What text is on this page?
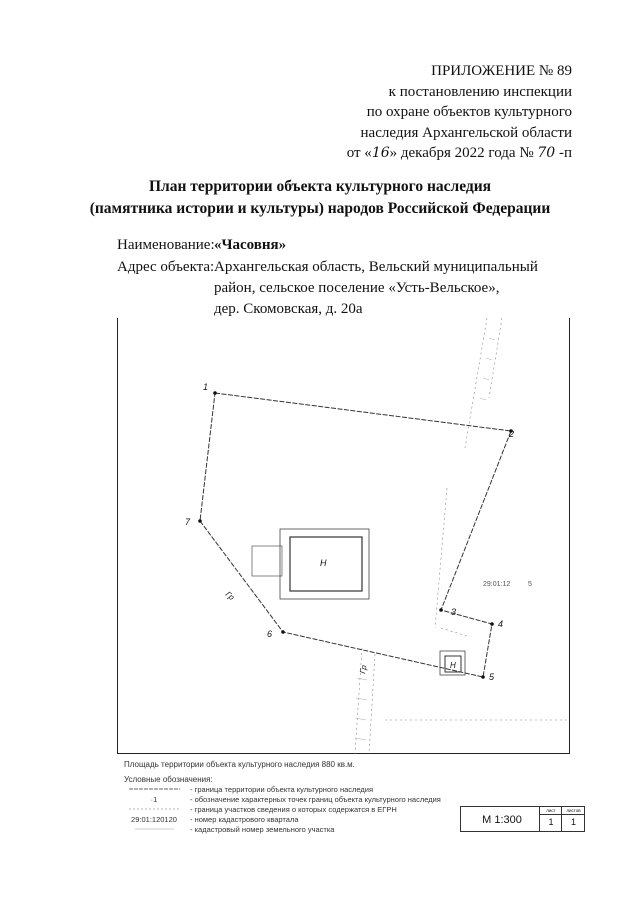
ПРИЛОЖЕНИЕ № 89
к постановлению инспекции
по охране объектов культурного
наследия Архангельской области
от «16» декабря 2022 года № 70 -п
План территории объекта культурного наследия
(памятника истории и культуры) народов Российской Федерации
Наименование: «Часовня»
Адрес объекта: Архангельская область, Вельский муниципальный
район, сельское поселение «Усть-Вельское»,
дер. Скомовская, д. 20а
1
2
3
4
5
6
7
Н
Н
Гр
Гр
29:01:12	5
Площадь территории объекта культурного наследия 880 кв.м.
Условные обозначения:
- граница территории объекта культурного наследия
·1	- обозначение характерных точек границ объекта культурного наследия
- граница участков сведения о которых содержатся в ЕГРН
29:01:120120	- номер кадастрового квартала
- кадастровый номер земельного участка
М 1:300
лист
1
листов
1
